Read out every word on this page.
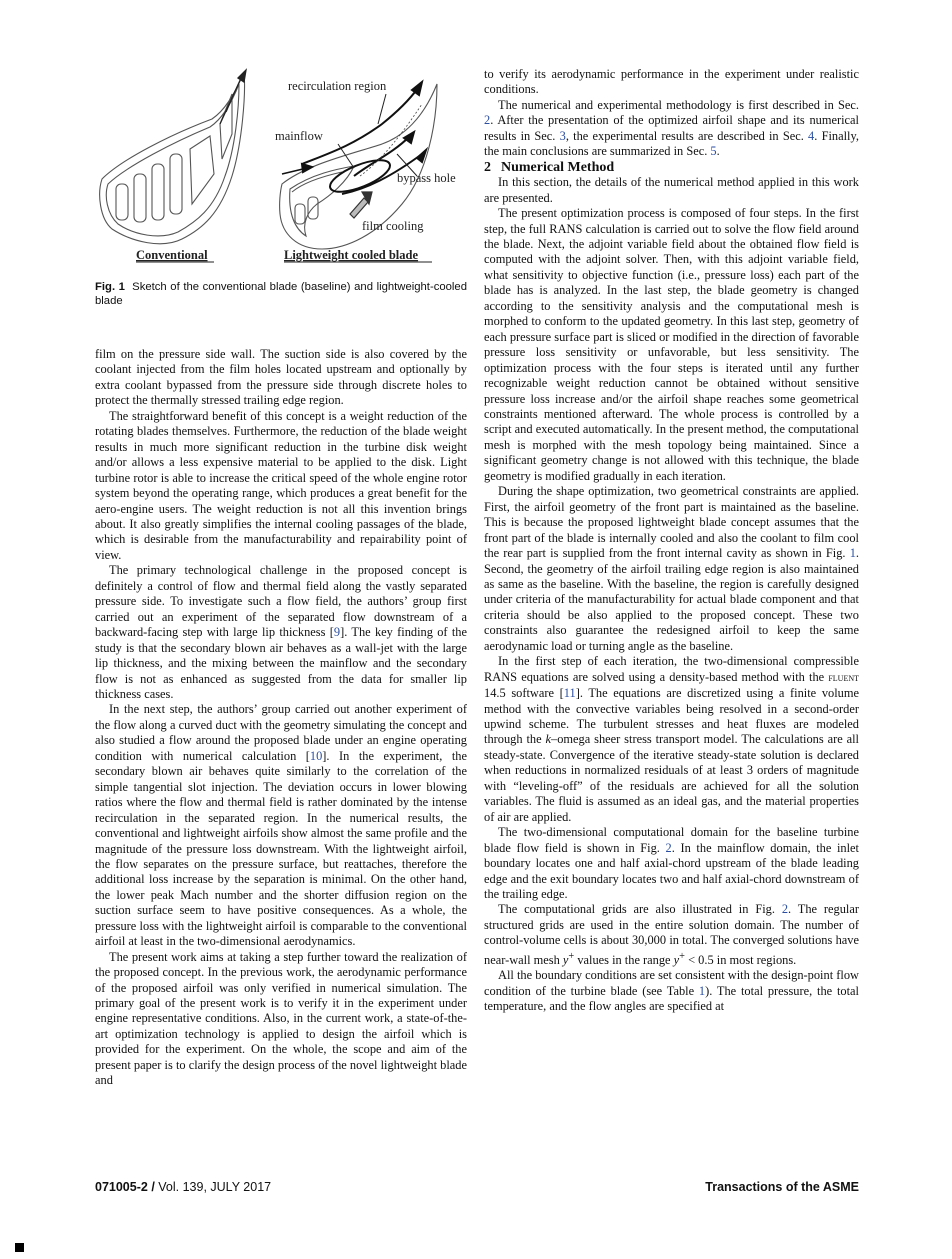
recirculation region
mainflow
bypass hole
film cooling
Conventional	Lightweight cooled blade
Fig. 1 Sketch of the conventional blade (baseline) and lightweight-cooled blade

film on the pressure side wall. The suction side is also covered by the coolant injected from the film holes located upstream and optionally by extra coolant bypassed from the pressure side through discrete holes to protect the thermally stressed trailing edge region.

The straightforward benefit of this concept is a weight reduction of the rotating blades themselves. Furthermore, the reduction of the blade weight results in much more significant reduction in the turbine disk weight and/or allows a less expensive material to be applied to the disk. Light turbine rotor is able to increase the critical speed of the whole engine rotor system beyond the operating range, which produces a great benefit for the aero-engine users. The weight reduction is not all this invention brings about. It also greatly simplifies the internal cooling passages of the blade, which is desirable from the manufacturability and repairability point of view.

The primary technological challenge in the proposed concept is definitely a control of flow and thermal field along the vastly separated pressure side. To investigate such a flow field, the authors’ group first carried out an experiment of the separated flow downstream of a backward-facing step with large lip thickness [9]. The key finding of the study is that the secondary blown air behaves as a wall-jet with the large lip thickness, and the mixing between the mainflow and the secondary flow is not as enhanced as suggested from the data for smaller lip thickness cases.

In the next step, the authors’ group carried out another experiment of the flow along a curved duct with the geometry simulating the concept and also studied a flow around the proposed blade under an engine operating condition with numerical calculation [10]. In the experiment, the secondary blown air behaves quite similarly to the correlation of the simple tangential slot injection. The deviation occurs in lower blowing ratios where the flow and thermal field is rather dominated by the intense recirculation in the separated region. In the numerical results, the conventional and lightweight airfoils show almost the same profile and the magnitude of the pressure loss downstream. With the lightweight airfoil, the flow separates on the pressure surface, but reattaches, therefore the additional loss increase by the separation is minimal. On the other hand, the lower peak Mach number and the shorter diffusion region on the suction surface seem to have positive consequences. As a whole, the pressure loss with the lightweight airfoil is comparable to the conventional airfoil at least in the two-dimensional aerodynamics.

The present work aims at taking a step further toward the realization of the proposed concept. In the previous work, the aerodynamic performance of the proposed airfoil was only verified in numerical simulation. The primary goal of the present work is to verify it in the experiment under engine representative conditions. Also, in the current work, a state-of-the-art optimization technology is applied to design the airfoil which is provided for the experiment. On the whole, the scope and aim of the present paper is to clarify the design process of the novel lightweight blade and

to verify its aerodynamic performance in the experiment under realistic conditions.

The numerical and experimental methodology is first described in Sec. 2. After the presentation of the optimized airfoil shape and its numerical results in Sec. 3, the experimental results are described in Sec. 4. Finally, the main conclusions are summarized in Sec. 5.

2 Numerical Method

In this section, the details of the numerical method applied in this work are presented.

The present optimization process is composed of four steps. In the first step, the full RANS calculation is carried out to solve the flow field around the blade. Next, the adjoint variable field about the obtained flow field is computed with the adjoint solver. Then, with this adjoint variable field, what sensitivity to objective function (i.e., pressure loss) each part of the blade has is analyzed. In the last step, the blade geometry is changed according to the sensitivity analysis and the computational mesh is morphed to conform to the updated geometry. In this last step, geometry of each pressure surface part is sliced or modified in the direction of favorable pressure loss sensitivity or unfavorable, but less sensitivity. The optimization process with the four steps is iterated until any further recognizable weight reduction cannot be obtained without sensitive pressure loss increase and/or the airfoil shape reaches some geometrical constraints mentioned afterward. The whole process is controlled by a script and executed automatically. In the present method, the computational mesh is morphed with the mesh topology being maintained. Since a significant geometry change is not allowed with this technique, the blade geometry is modified gradually in each iteration.

During the shape optimization, two geometrical constraints are applied. First, the airfoil geometry of the front part is maintained as the baseline. This is because the proposed lightweight blade concept assumes that the front part of the blade is internally cooled and also the coolant to film cool the rear part is supplied from the front internal cavity as shown in Fig. 1. Second, the geometry of the airfoil trailing edge region is also maintained as same as the baseline. With the baseline, the region is carefully designed under criteria of the manufacturability for actual blade component and that criteria should be also applied to the proposed concept. These two constraints also guarantee the redesigned airfoil to keep the same aerodynamic load or turning angle as the baseline.

In the first step of each iteration, the two-dimensional compressible RANS equations are solved using a density-based method with the fluent 14.5 software [11]. The equations are discretized using a finite volume method with the convective variables being resolved in a second-order upwind scheme. The turbulent stresses and heat fluxes are modeled through the k–omega sheer stress transport model. The calculations are all steady-state. Convergence of the iterative steady-state solution is declared when reductions in normalized residuals of at least 3 orders of magnitude with “leveling-off” of the residuals are achieved for all the solution variables. The fluid is assumed as an ideal gas, and the material properties of air are applied.

The two-dimensional computational domain for the baseline turbine blade flow field is shown in Fig. 2. In the mainflow domain, the inlet boundary locates one and half axial-chord upstream of the blade leading edge and the exit boundary locates two and half axial-chord downstream of the trailing edge.

The computational grids are also illustrated in Fig. 2. The regular structured grids are used in the entire solution domain. The number of control-volume cells is about 30,000 in total. The converged solutions have near-wall mesh y+ values in the range y+ < 0.5 in most regions.

All the boundary conditions are set consistent with the design-point flow condition of the turbine blade (see Table 1). The total pressure, the total temperature, and the flow angles are specified at

071005-2 / Vol. 139, JULY 2017	Transactions of the ASME
